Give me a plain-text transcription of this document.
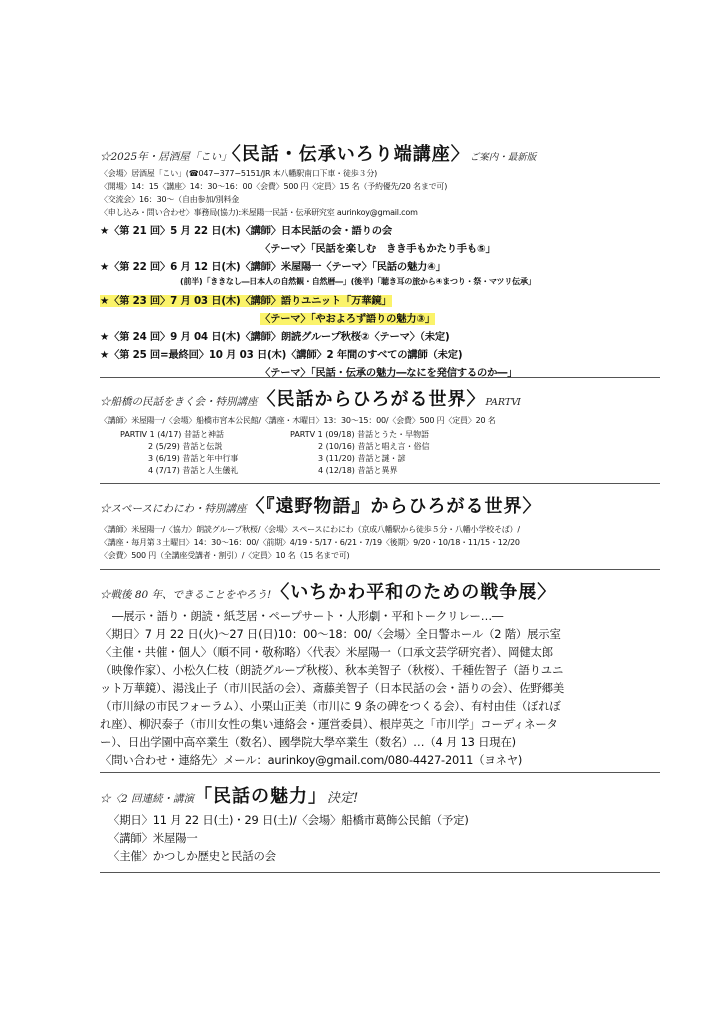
☆2025年・居酒屋「こい」〈民話・伝承いろり端講座〉ご案内・最新版
〈会場〉居酒屋「こい」(☎047−377−5151/JR 本八幡駅南口下車・徒歩３分)
〈開場〉14：15〈講座〉14：30〜16：00〈会費〉500 円〈定員〉15 名（予約優先/20 名まで可)
〈交流会〉16：30〜（自由参加/別料金
〈申し込み・問い合わせ〉事務局(協力):米屋陽一民話・伝承研究室 aurinkoy@gmail.com
★〈第 21 回〉5 月 22 日(木)〈講師〉日本民話の会・語りの会
〈テーマ〉「民話を楽しむ　きき手もかたり手も⑤」
★〈第 22 回〉6 月 12 日(木)〈講師〉米屋陽一〈テーマ〉「民話の魅力④」
(前半)「ききなし―日本人の自然観・自然暦―」(後半)「聴き耳の旅から④まつり・祭・マツリ伝承」
★〈第 23 回〉7 月 03 日(木)〈講師〉語りユニット「万華鏡」
〈テーマ〉「やおよろず語りの魅力③」
★〈第 24 回〉9 月 04 日(木)〈講師〉朗読グループ秋桜②〈テーマ〉（未定)
★〈第 25 回=最終回〉10 月 03 日(木)〈講師〉2 年間のすべての講師（未定)
〈テーマ〉「民話・伝承の魅力―なにを発信するのか―」
☆船橋の民話をきく会・特別講座〈民話からひろがる世界〉PARTⅥ
〈講師〉米屋陽一/〈会場〉船橋市宮本公民館/〈講座・木曜日〉13：30〜15：00/〈会費〉500 円〈定員〉20 名
PARTⅣ 1 (4/17) 昔話と神話
2 (5/29) 昔話と伝説
3 (6/19) 昔話と年中行事
4 (7/17) 昔話と人生儀礼
PARTⅤ 1 (09/18) 昔話とうた・早物語
2 (10/16) 昔話と唱え言・俗信
3 (11/20) 昔話と謎・諺
4 (12/18) 昔話と異界
☆スペースにわにわ・特別講座〈『遠野物語』からひろがる世界〉
〈講師〉米屋陽一/〈協力〉朗読グループ秋桜/〈会場〉スペースにわにわ（京成八幡駅から徒歩５分・八幡小学校そば）/
〈講座・毎月第３土曜日〉14：30〜16：00/〈前期〉4/19・5/17・6/21・7/19〈後期〉9/20・10/18・11/15・12/20
〈会費〉500 円（全講座受講者・割引）/〈定員〉10 名（15 名まで可)
☆戦後 80 年、できることをやろう!〈いちかわ平和のための戦争展〉
―展示・語り・朗読・紙芝居・ペープサート・人形劇・平和トークリレー…―
〈期日〉7 月 22 日(火)〜27 日(日)10：00〜18：00/〈会場〉全日警ホール（2 階）展示室
〈主催・共催・個人〉（順不同・敬称略）〈代表〉米屋陽一（口承文芸学研究者）、岡健太郎
（映像作家）、小松久仁枝（朗読グループ秋桜）、秋本美智子（秋桜）、千種佐智子（語りユニ
ット万華鏡）、湯浅止子（市川民話の会）、斎藤美智子（日本民話の会・語りの会）、佐野郷美
（市川緑の市民フォーラム）、小栗山正美（市川に 9 条の碑をつくる会）、有村由佳（ぼれぼ
れ座）、柳沢泰子（市川女性の集い連絡会・運営委員）、根岸英之「市川学」コーディネータ
ー）、日出学園中高卒業生（数名）、國學院大學卒業生（数名）…（4 月 13 日現在)
〈問い合わせ・連絡先〉メール：aurinkoy@gmail.com/080-4427-2011（ヨネヤ)
☆〈2 回連続・講演「民話の魅力」決定!
〈期日〉11 月 22 日(土)・29 日(土)/〈会場〉船橋市葛飾公民館（予定)
〈講師〉米屋陽一
〈主催〉かつしか歴史と民話の会
